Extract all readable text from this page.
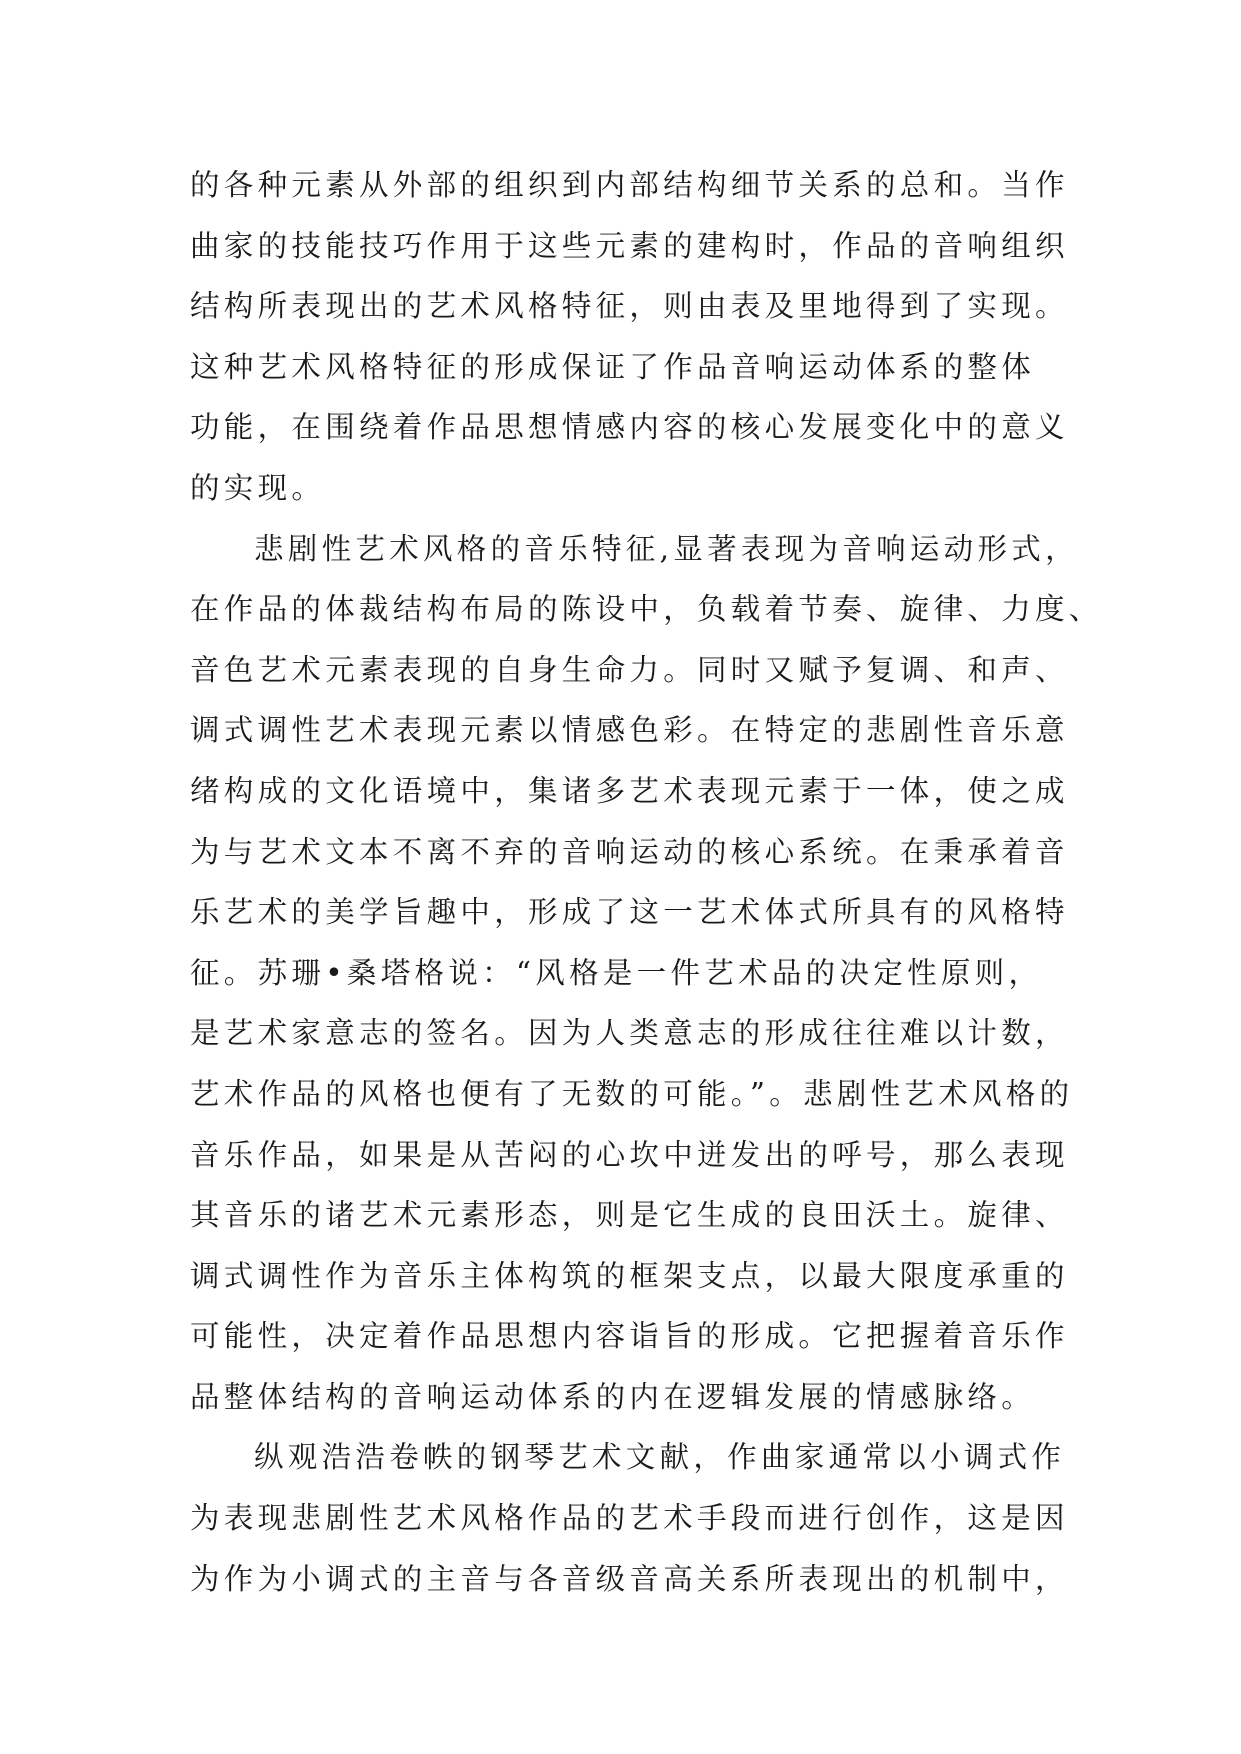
的各种元素从外部的组织到内部结构细节关系的总和。当作
曲家的技能技巧作用于这些元素的建构时，作品的音响组织
结构所表现出的艺术风格特征，则由表及里地得到了实现。
这种艺术风格特征的形成保证了作品音响运动体系的整体
功能，在围绕着作品思想情感内容的核心发展变化中的意义
的实现。
悲剧性艺术风格的音乐特征,显著表现为音响运动形式，
在作品的体裁结构布局的陈设中，负载着节奏、旋律、力度、
音色艺术元素表现的自身生命力。同时又赋予复调、和声、
调式调性艺术表现元素以情感色彩。在特定的悲剧性音乐意
绪构成的文化语境中，集诸多艺术表现元素于一体，使之成
为与艺术文本不离不弃的音响运动的核心系统。在秉承着音
乐艺术的美学旨趣中，形成了这一艺术体式所具有的风格特
征。苏珊•桑塔格说：“风格是一件艺术品的决定性原则，
是艺术家意志的签名。因为人类意志的形成往往难以计数，
艺术作品的风格也便有了无数的可能。”。悲剧性艺术风格的
音乐作品，如果是从苦闷的心坎中迸发出的呼号，那么表现
其音乐的诸艺术元素形态，则是它生成的良田沃土。旋律、
调式调性作为音乐主体构筑的框架支点，以最大限度承重的
可能性，决定着作品思想内容诣旨的形成。它把握着音乐作
品整体结构的音响运动体系的内在逻辑发展的情感脉络。
纵观浩浩卷帙的钢琴艺术文献，作曲家通常以小调式作
为表现悲剧性艺术风格作品的艺术手段而进行创作，这是因
为作为小调式的主音与各音级音高关系所表现出的机制中，
